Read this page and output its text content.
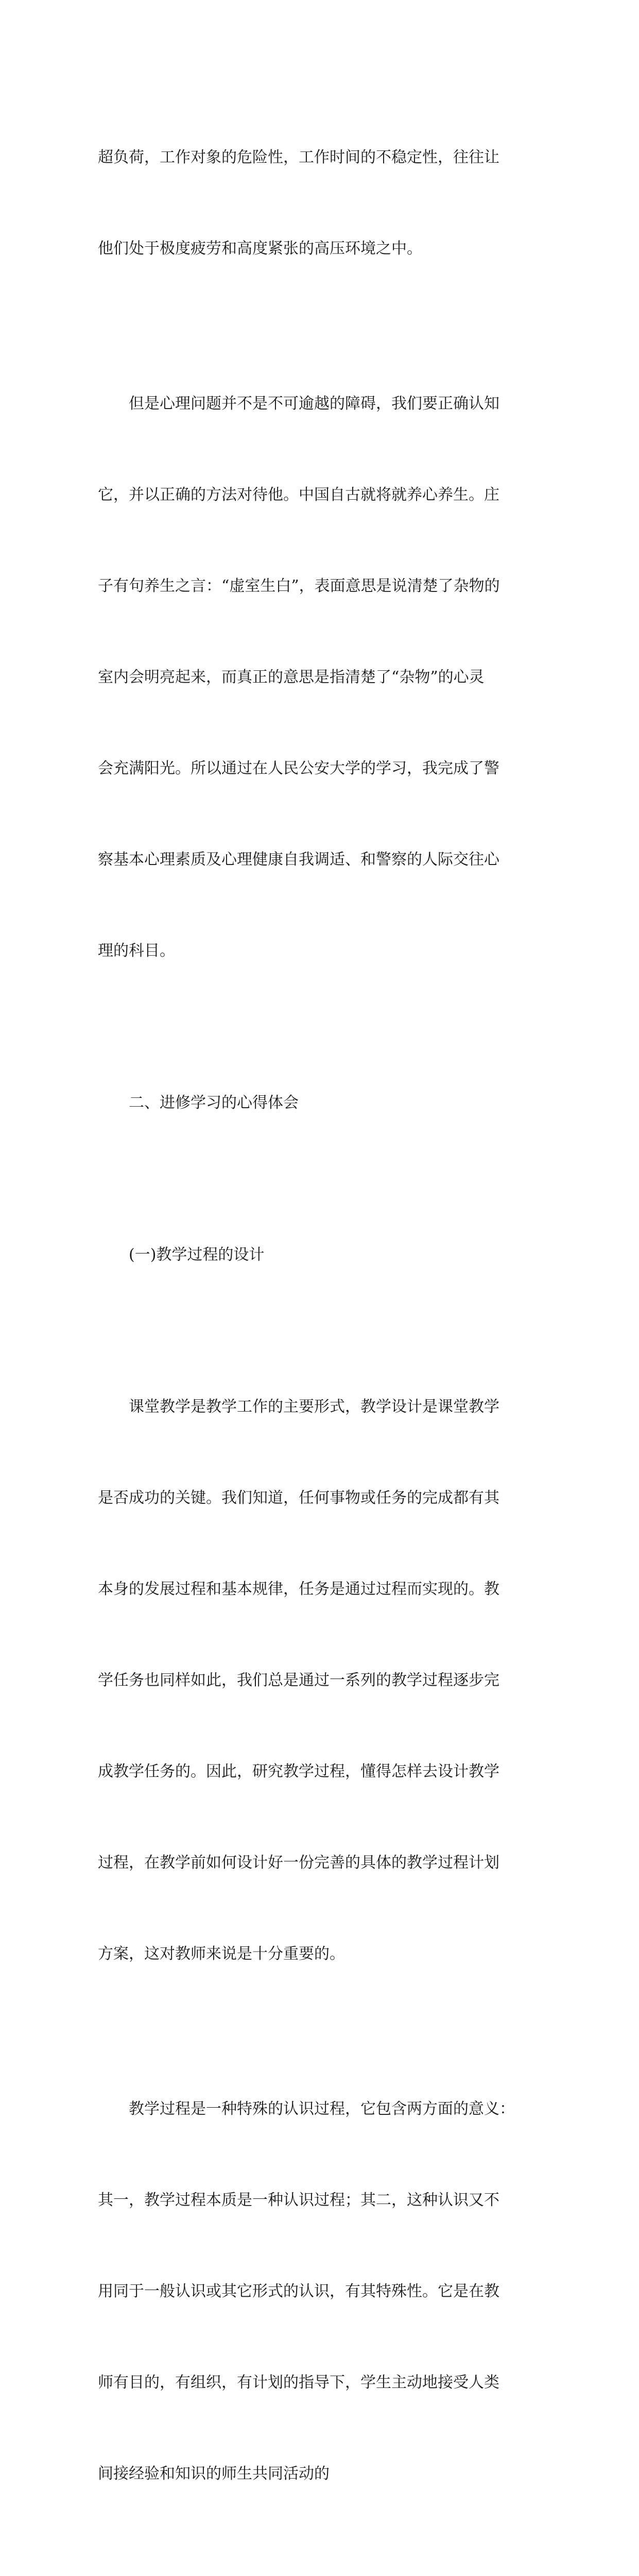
超负荷，工作对象的危险性，工作时间的不稳定性，往往让

他们处于极度疲劳和高度紧张的高压环境之中。

　　但是心理问题并不是不可逾越的障碍，我们要正确认知

它，并以正确的方法对待他。中国自古就将就养心养生。庄

子有句养生之言：“虚室生白”，表面意思是说清楚了杂物的

室内会明亮起来，而真正的意思是指清楚了“杂物”的心灵

会充满阳光。所以通过在人民公安大学的学习，我完成了警

察基本心理素质及心理健康自我调适、和警察的人际交往心

理的科目。

　　二、进修学习的心得体会

　　(一)教学过程的设计

　　课堂教学是教学工作的主要形式，教学设计是课堂教学

是否成功的关键。我们知道，任何事物或任务的完成都有其

本身的发展过程和基本规律，任务是通过过程而实现的。教

学任务也同样如此，我们总是通过一系列的教学过程逐步完

成教学任务的。因此，研究教学过程，懂得怎样去设计教学

过程，在教学前如何设计好一份完善的具体的教学过程计划

方案，这对教师来说是十分重要的。

　　教学过程是一种特殊的认识过程，它包含两方面的意义：

其一，教学过程本质是一种认识过程；其二，这种认识又不

用同于一般认识或其它形式的认识，有其特殊性。它是在教

师有目的，有组织，有计划的指导下，学生主动地接受人类

间接经验和知识的师生共同活动的
